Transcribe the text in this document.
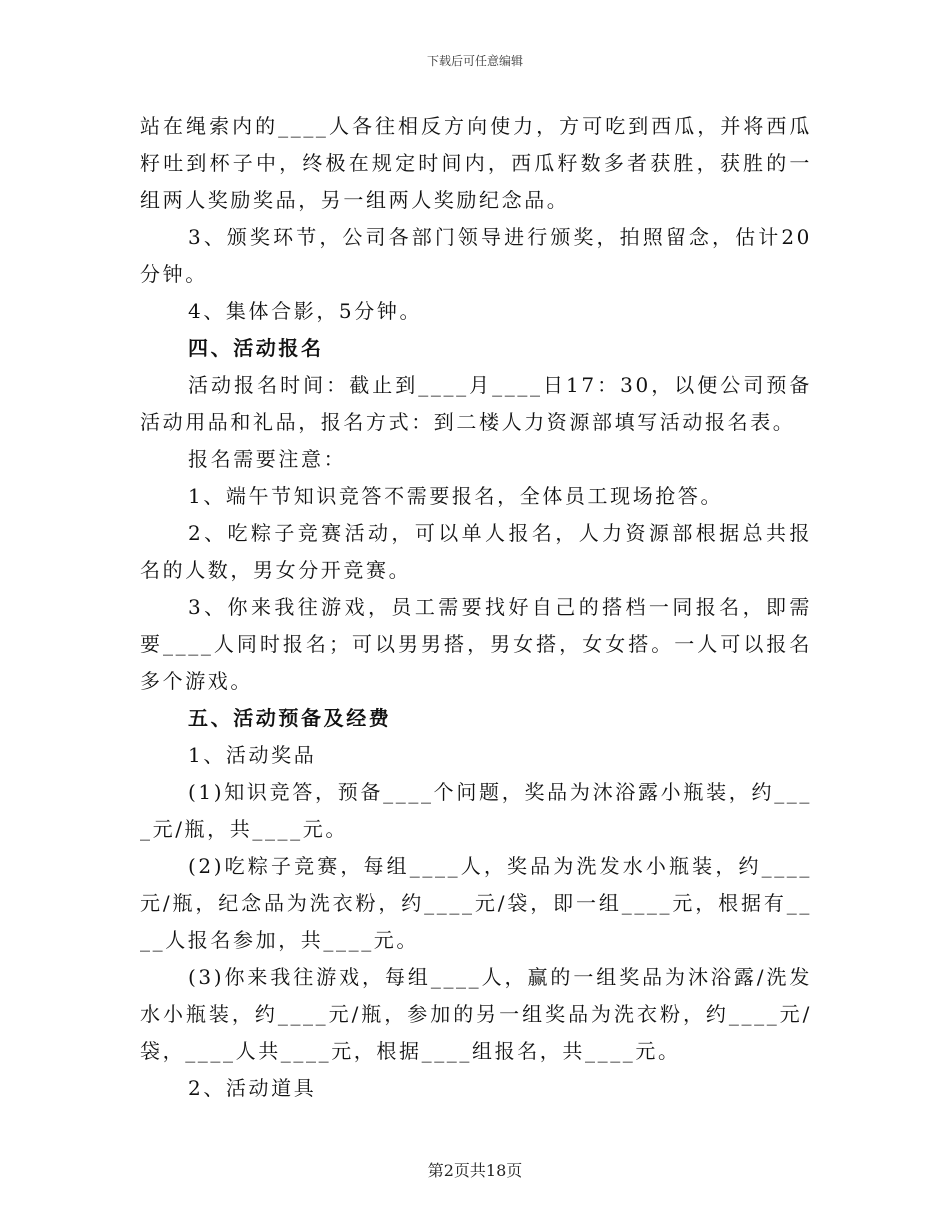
下载后可任意编辑

站在绳索内的____人各往相反方向使力，方可吃到西瓜，并将西瓜籽吐到杯子中，终极在规定时间内，西瓜籽数多者获胜，获胜的一组两人奖励奖品，另一组两人奖励纪念品。

3、颁奖环节，公司各部门领导进行颁奖，拍照留念，估计20分钟。

4、集体合影，5分钟。

四、活动报名

活动报名时间：截止到____月____日17：30，以便公司预备活动用品和礼品，报名方式：到二楼人力资源部填写活动报名表。

报名需要注意：

1、端午节知识竞答不需要报名，全体员工现场抢答。

2、吃粽子竞赛活动，可以单人报名，人力资源部根据总共报名的人数，男女分开竞赛。

3、你来我往游戏，员工需要找好自己的搭档一同报名，即需要____人同时报名；可以男男搭，男女搭，女女搭。一人可以报名多个游戏。

五、活动预备及经费

1、活动奖品

(1)知识竞答，预备____个问题，奖品为沐浴露小瓶装，约____元/瓶，共____元。

(2)吃粽子竞赛，每组____人，奖品为洗发水小瓶装，约____元/瓶，纪念品为洗衣粉，约____元/袋，即一组____元，根据有____人报名参加，共____元。

(3)你来我往游戏，每组____人，赢的一组奖品为沐浴露/洗发水小瓶装，约____元/瓶，参加的另一组奖品为洗衣粉，约____元/袋，____人共____元，根据____组报名，共____元。

2、活动道具

第2页共18页
